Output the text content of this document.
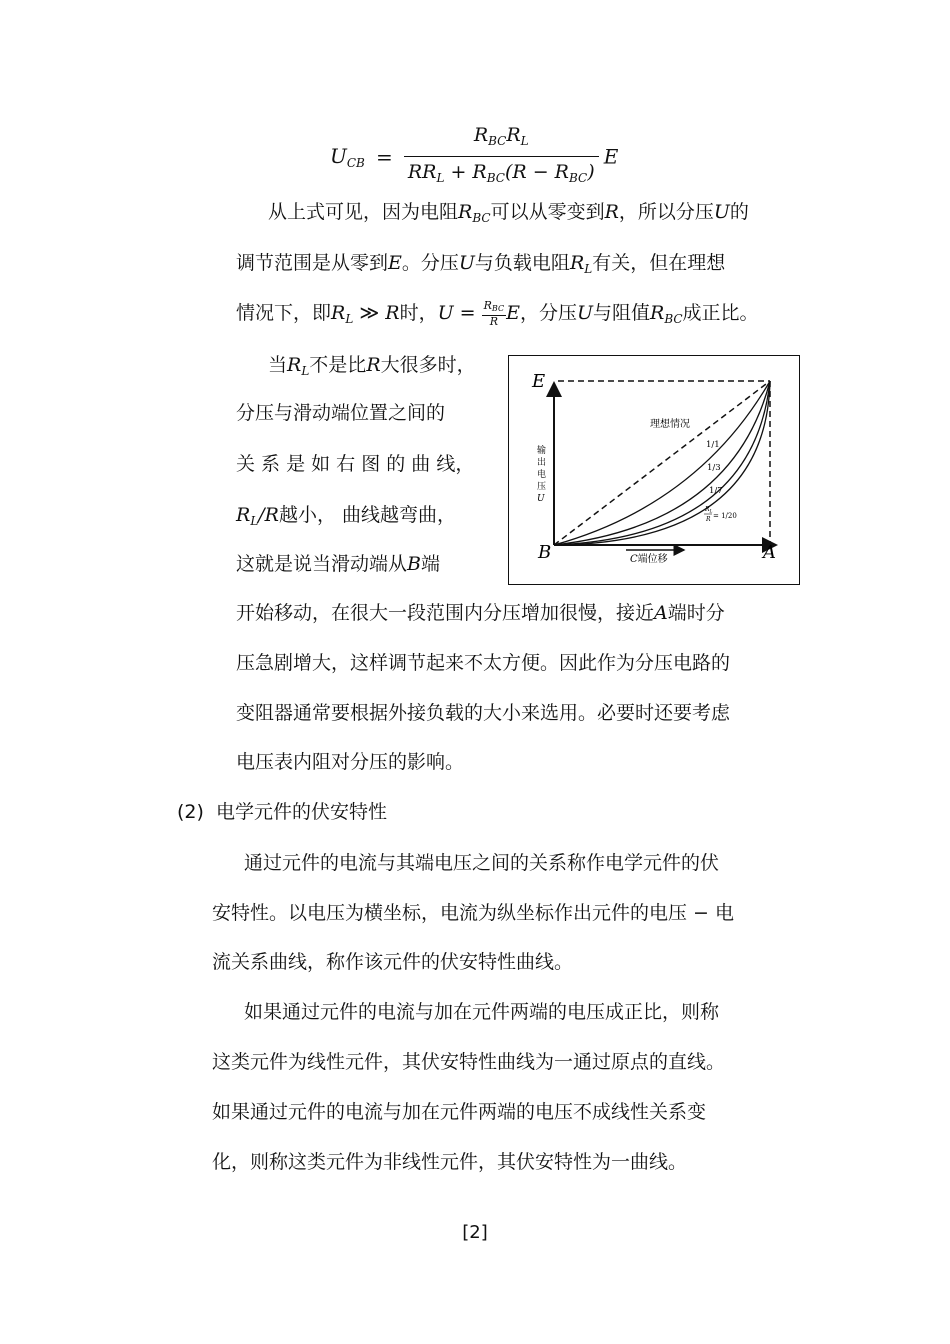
$U_{CB} = \frac{R_{BC}R_L}{RR_L + R_{BC}(R - R_{BC})}$ E
从上式可见，因为电阻$R_{BC}$可以从零变到R，所以分压U的
调节范围是从零到E。分压U与负载电阻$R_L$有关，但在理想
情况下，即$R_L$ ≫ R时，$U = \frac{R_{BC}}{R}$ E，分压U与阻值$R_{BC}$成正比。
当$R_L$不是比R大很多时，
分压与滑动端位置之间的
关 系 是 如 右 图 的 曲 线，
$R_L/R$越小， 曲线越弯曲，
这就是说当滑动端从B端
E
B	A
理想情况
1/1
1/3
1/7
$R_L$
R = 1/20
输
出
电
压
U
C端位移
开始移动，在很大一段范围内分压增加很慢，接近A端时分
压急剧增大，这样调节起来不太方便。因此作为分压电路的
变阻器通常要根据外接负载的大小来选用。必要时还要考虑
电压表内阻对分压的影响。
(2) 电学元件的伏安特性
通过元件的电流与其端电压之间的关系称作电学元件的伏
安特性。以电压为横坐标，电流为纵坐标作出元件的电压 − 电
流关系曲线，称作该元件的伏安特性曲线。
如果通过元件的电流与加在元件两端的电压成正比，则称
这类元件为线性元件，其伏安特性曲线为一通过原点的直线。
如果通过元件的电流与加在元件两端的电压不成线性关系变
化，则称这类元件为非线性元件，其伏安特性为一曲线。
[2]
